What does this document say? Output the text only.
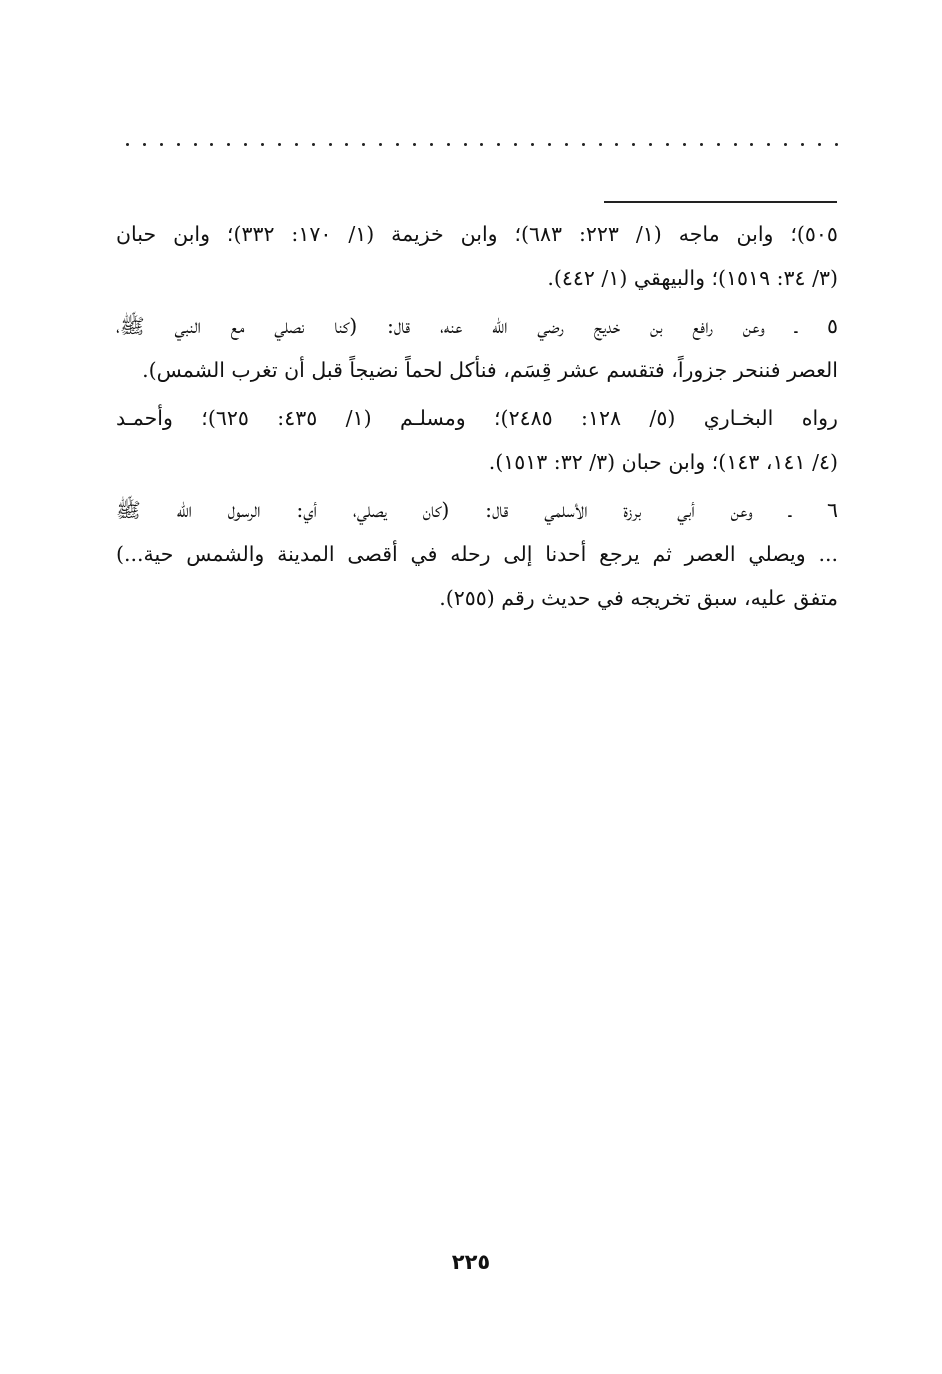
٥٠٥)؛ وابن ماجه (١/ ٢٢٣: ٦٨٣)؛ وابن خزيمة (١/ ١٧٠: ٣٣٢)؛ وابن حبان
(٣/ ٣٤: ١٥١٩)؛ والبيهقي (١/ ٤٤٢).
٥ ـ وعن رافع بن خديج رضي الله عنه، قال: (كنا نصلي مع النبي ﷺ،
العصر فننحر جزوراً، فتقسم عشر قِسَم، فنأكل لحماً نضيجاً قبل أن تغرب الشمس).
رواه البخـاري (٥/ ١٢٨: ٢٤٨٥)؛ ومسلـم (١/ ٤٣٥: ٦٢٥)؛ وأحمـد
(٤/ ١٤١، ١٤٣)؛ وابن حبان (٣/ ٣٢: ١٥١٣).
٦ ـ وعن أبي برزة الأسلمي قال: (كان يصلي، أي: الرسول الله ﷺ
... ويصلي العصر ثم يرجع أحدنا إلى رحله في أقصى المدينة والشمس حية...)
متفق عليه، سبق تخريجه في حديث رقم (٢٥٥).
٢٢٥
